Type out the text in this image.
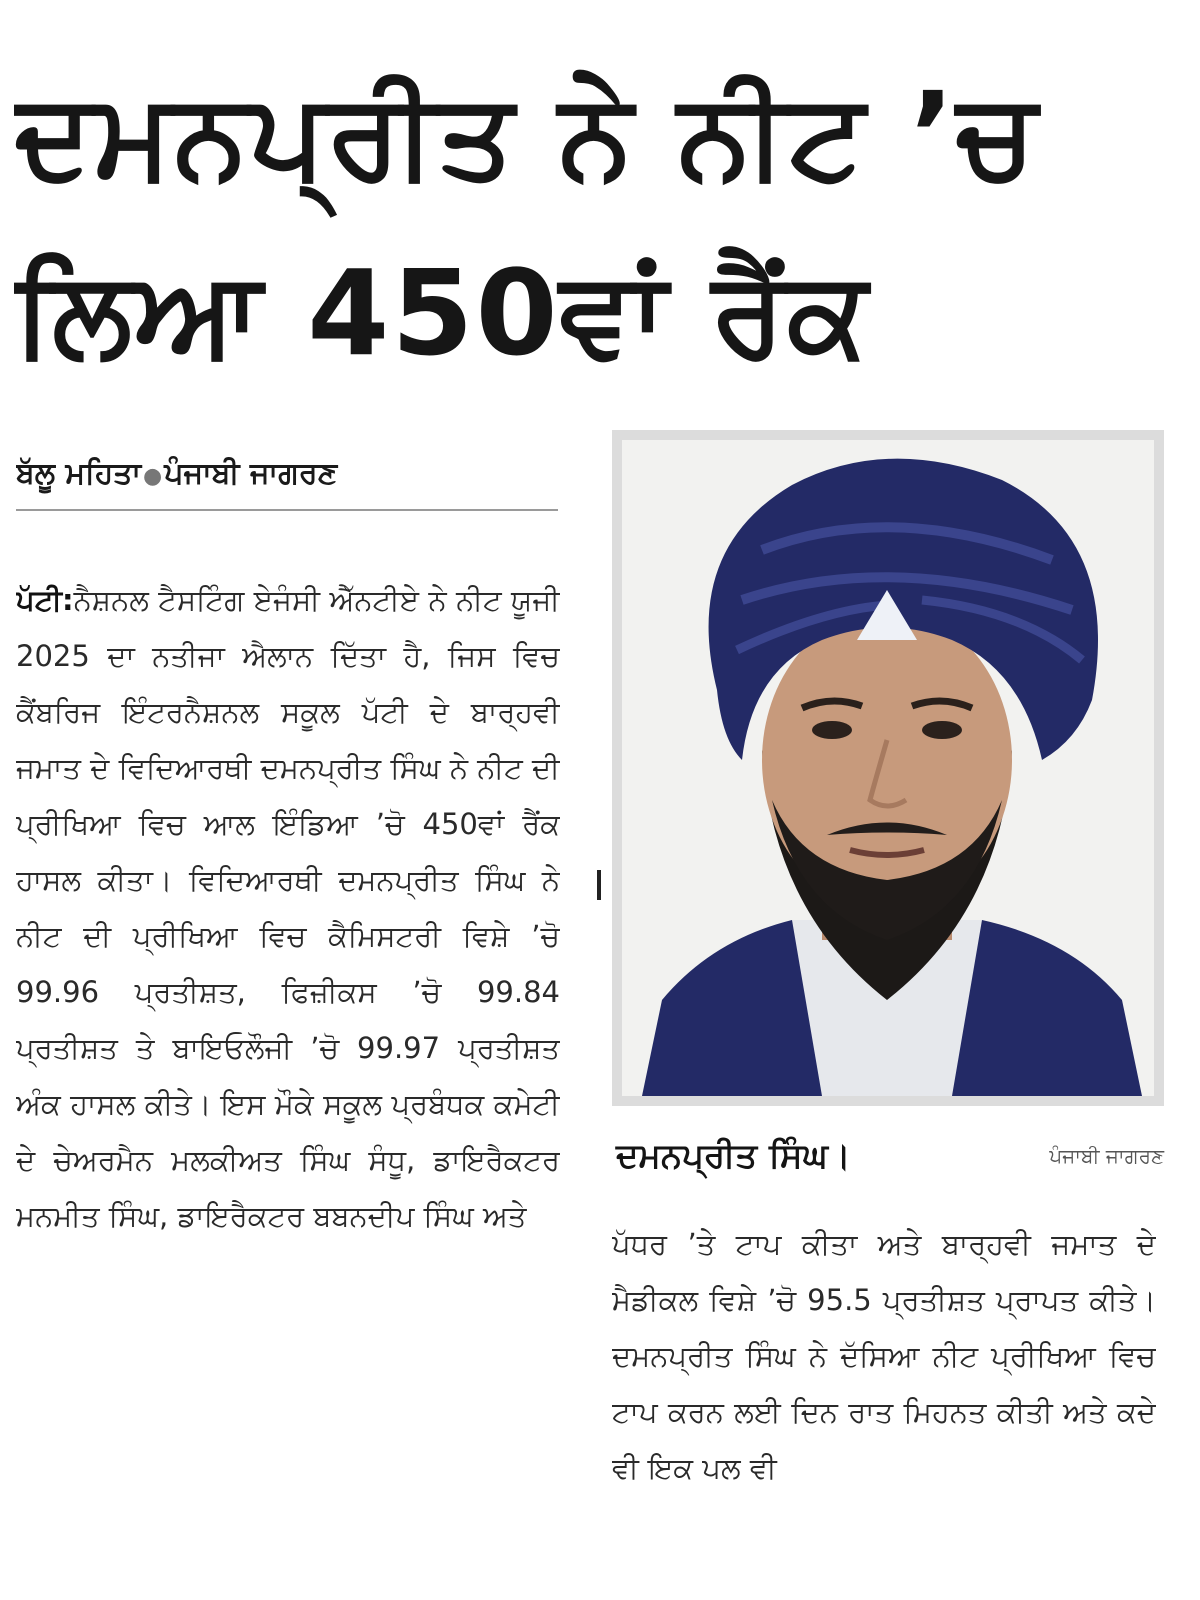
ਦਮਨਪ੍ਰੀਤ ਨੇ ਨੀਟ ’ਚ
ਲਿਆ 450ਵਾਂ ਰੈਂਕ
ਬੱਲੂ ਮਹਿਤਾ●ਪੰਜਾਬੀ ਜਾਗਰਣ
ਪੱਟੀ:ਨੈਸ਼ਨਲ ਟੈਸਟਿੰਗ ਏਜੰਸੀ ਐੱਨਟੀਏ ਨੇ ਨੀਟ ਯੂਜੀ 2025 ਦਾ ਨਤੀਜਾ ਐਲਾਨ ਦਿੱਤਾ ਹੈ, ਜਿਸ ਵਿਚ ਕੈਂਬਰਿਜ ਇੰਟਰਨੈਸ਼ਨਲ ਸਕੂਲ ਪੱਟੀ ਦੇ ਬਾਰ੍ਹਵੀ ਜਮਾਤ ਦੇ ਵਿਦਿਆਰਥੀ ਦਮਨਪ੍ਰੀਤ ਸਿੰਘ ਨੇ ਨੀਟ ਦੀ ਪ੍ਰੀਖਿਆ ਵਿਚ ਆਲ ਇੰਡਿਆ ’ਚੋ 450ਵਾਂ ਰੈਂਕ ਹਾਸਲ ਕੀਤਾ। ਵਿਦਿਆਰਥੀ ਦਮਨਪ੍ਰੀਤ ਸਿੰਘ ਨੇ ਨੀਟ ਦੀ ਪ੍ਰੀਖਿਆ ਵਿਚ ਕੈਮਿਸਟਰੀ ਵਿਸ਼ੇ ’ਚੋ 99.96 ਪ੍ਰਤੀਸ਼ਤ, ਫਿਜ਼ੀਕਸ ’ਚੋ 99.84 ਪ੍ਰਤੀਸ਼ਤ ਤੇ ਬਾਇਓਲੌਜੀ ’ਚੋ 99.97 ਪ੍ਰਤੀਸ਼ਤ ਅੰਕ ਹਾਸਲ ਕੀਤੇ। ਇਸ ਮੌਕੇ ਸਕੂਲ ਪ੍ਰਬੰਧਕ ਕਮੇਟੀ ਦੇ ਚੇਅਰਮੈਨ ਮਲਕੀਅਤ ਸਿੰਘ ਸੰਧੂ, ਡਾਇਰੈਕਟਰ ਮਨਮੀਤ ਸਿੰਘ, ਡਾਇਰੈਕਟਰ ਬਬਨਦੀਪ ਸਿੰਘ ਅਤੇ
ਦਮਨਪ੍ਰੀਤ ਸਿੰਘ।	ਪੰਜਾਬੀ ਜਾਗਰਣ
ਪੱਧਰ ’ਤੇ ਟਾਪ ਕੀਤਾ ਅਤੇ ਬਾਰ੍ਹਵੀ ਜਮਾਤ ਦੇ ਮੈਡੀਕਲ ਵਿਸ਼ੇ ’ਚੋ 95.5 ਪ੍ਰਤੀਸ਼ਤ ਪ੍ਰਾਪਤ ਕੀਤੇ। ਦਮਨਪ੍ਰੀਤ ਸਿੰਘ ਨੇ ਦੱਸਿਆ ਨੀਟ ਪ੍ਰੀਖਿਆ ਵਿਚ ਟਾਪ ਕਰਨ ਲਈ ਦਿਨ ਰਾਤ ਮਿਹਨਤ ਕੀਤੀ ਅਤੇ ਕਦੇ ਵੀ ਇਕ ਪਲ ਵੀ
